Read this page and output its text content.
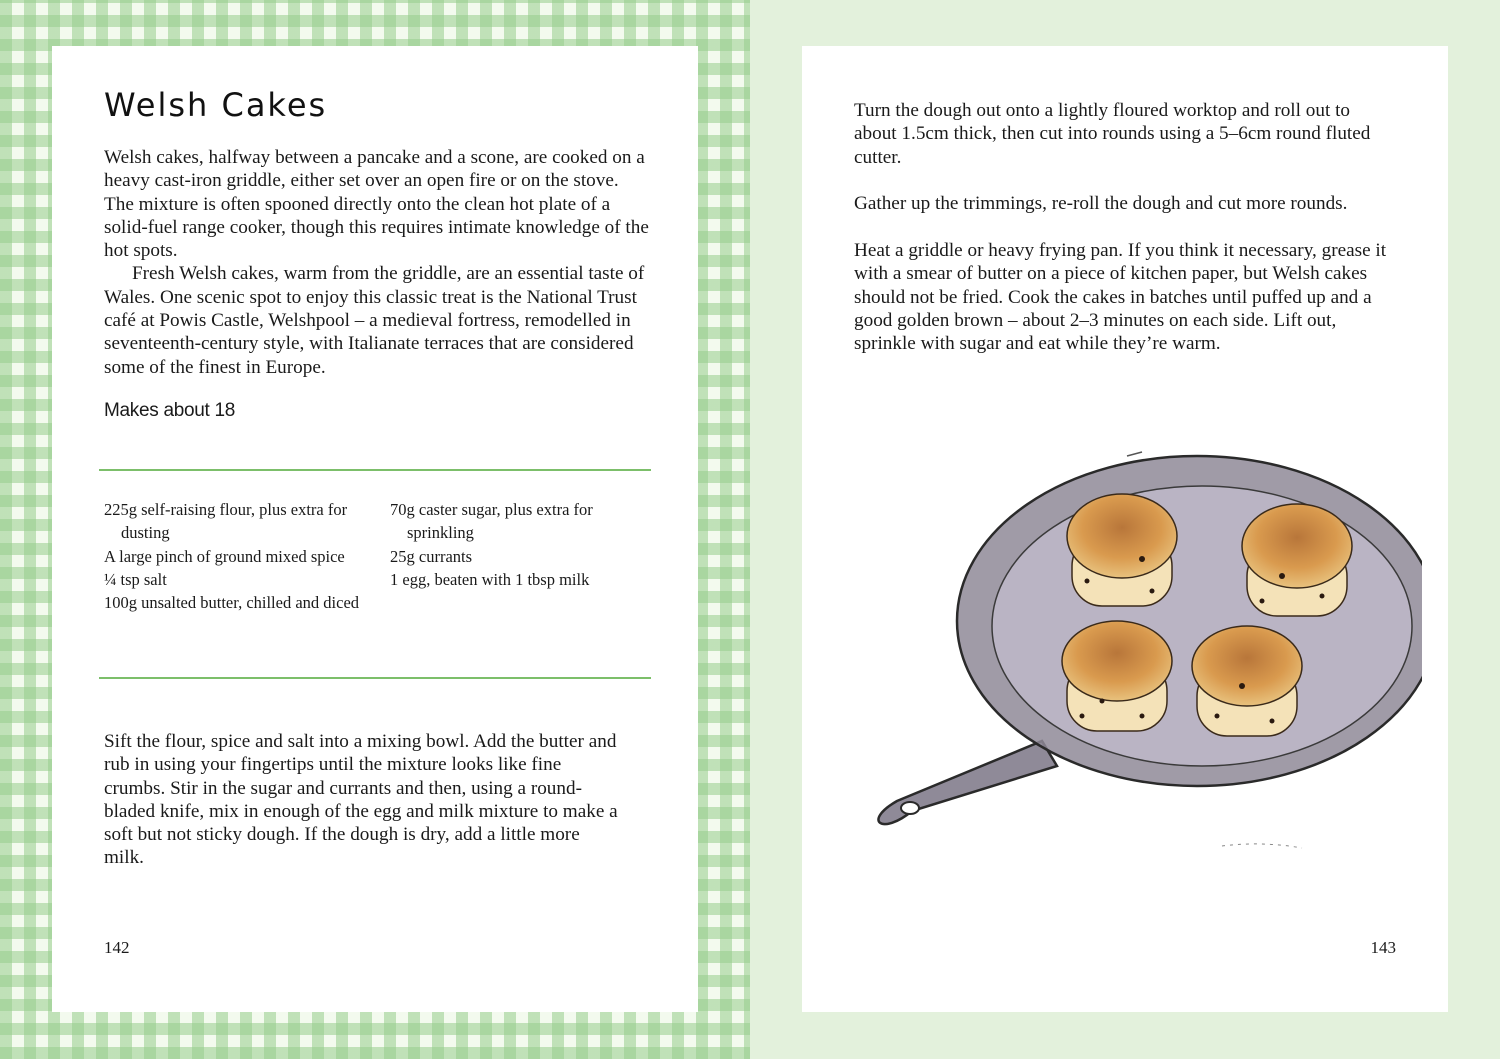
Welsh Cakes

Welsh cakes, halfway between a pancake and a scone, are cooked on a heavy cast-iron griddle, either set over an open fire or on the stove. The mixture is often spooned directly onto the clean hot plate of a solid-fuel range cooker, though this requires intimate knowledge of the hot spots.

Fresh Welsh cakes, warm from the griddle, are an essential taste of Wales. One scenic spot to enjoy this classic treat is the National Trust café at Powis Castle, Welshpool – a medieval fortress, remodelled in seventeenth-century style, with Italianate terraces that are considered some of the finest in Europe.

Makes about 18
225g self-raising flour, plus extra for dusting
A large pinch of ground mixed spice
¼ tsp salt
100g unsalted butter, chilled and diced
70g caster sugar, plus extra for sprinkling
25g currants
1 egg, beaten with 1 tbsp milk

Sift the flour, spice and salt into a mixing bowl. Add the butter and rub in using your fingertips until the mixture looks like fine crumbs. Stir in the sugar and currants and then, using a round-bladed knife, mix in enough of the egg and milk mixture to make a soft but not sticky dough. If the dough is dry, add a little more milk.

142

Turn the dough out onto a lightly floured worktop and roll out to about 1.5cm thick, then cut into rounds using a 5–6cm round fluted cutter.

Gather up the trimmings, re-roll the dough and cut more rounds.

Heat a griddle or heavy frying pan. If you think it necessary, grease it with a smear of butter on a piece of kitchen paper, but Welsh cakes should not be fried. Cook the cakes in batches until puffed up and a good golden brown – about 2–3 minutes on each side. Lift out, sprinkle with sugar and eat while they’re warm.

143
